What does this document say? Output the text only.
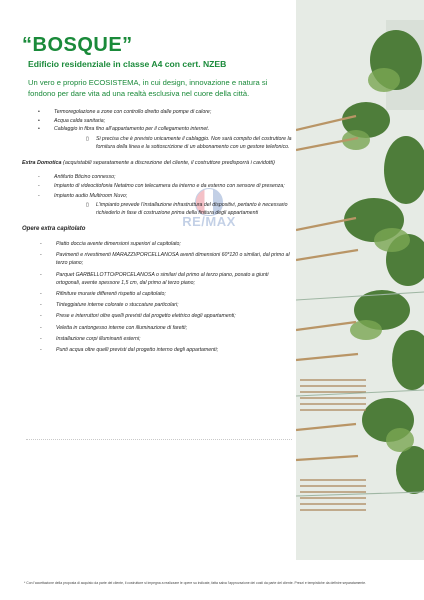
RE/MAX
“BOSQUE”
Edificio residenziale in classe A4 con cert. NZEB
Un vero e proprio ECOSISTEMA, in cui design, innovazione e natura si fondono per dare vita ad una realtà esclusiva nel cuore della città.
• Termoregolazione a zone con controllo diretto dalle pompe di calore;
• Acqua calda sanitaria;
• Cablaggio in fibra fino all’appartamento per il collegamento internet.
▯ Si precisa che è previsto unicamente il cablaggio. Non sarà compito del costruttore la fornitura della linea e la sottoscrizione di un abbonamento con un gestore telefonico.
Extra Domotica (acquistabili separatamente a discrezione del cliente, il costruttore predisporrà i cavidotti)
- Antifurto Bticino connesso;
- Impianto di videocitofonia Netatmo con telecamera da interno e da esterno con sensore di presenza;
- Impianto audio Multiroom Nuvo;
▯ L’impianto prevede l’installazione infrastruttura del dispositivi, pertanto è necessario richiederlo in fase di costruzione prima della finitura degli appartamenti
Opere extra capitolato
- Piatto doccia avente dimensioni superiori al capitolato;
- Pavimenti e rivestimenti MARAZZI/PORCELLANOSA aventi dimensioni 60*120 o similari, dal primo al terzo piano;
- Parquet GARBELLOTTO/PORCELANOSA o similari dal primo al terzo piano, posato a giunti ortogonali, avente spessore 1,5 cm, dal primo al terzo piano;
- Rifiniture murarie differenti rispetto al capitolato;
- Tinteggiature interne colorate o stuccature particolari;
- Prese e interruttori oltre quelli previsti dal progetto elettrico degli appartamenti;
- Veletta in cartongesso interne con illuminazione di faretti;
- Installazione corpi illuminanti esterni;
- Punti acqua oltre quelli previsti dal progetto interno degli appartamenti;
* Con l’accettazione della proposta di acquisto da parte del cliente, il costruttore si impegna a realizzare le opere su indicate, fatta salva l’approvazione dei costi da parte del cliente. Prezzi e tempistiche da definire separatamente.
